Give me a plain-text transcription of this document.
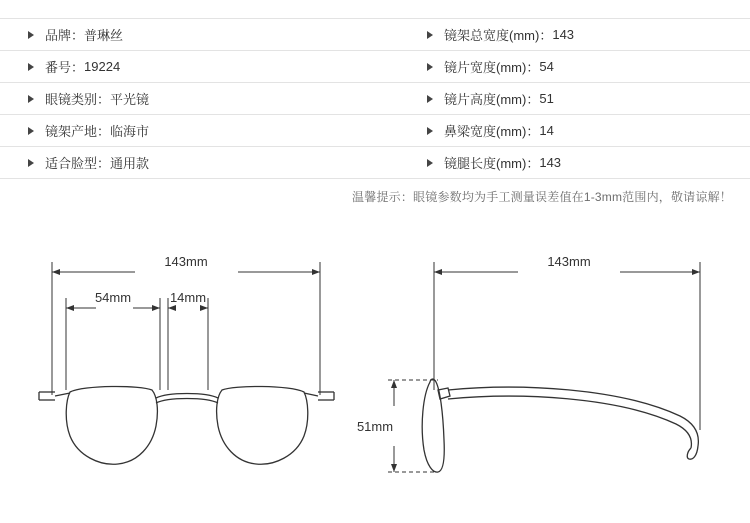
品牌 ： 普琳丝	镜架总宽度(mm) ： 143
番号 ： 19224	镜片宽度(mm) ： 54
眼镜类别 ： 平光镜	镜片高度(mm) ： 51
镜架产地 ： 临海市	鼻梁宽度(mm) ： 14
适合脸型 ： 通用款	镜腿长度(mm) ： 143
温馨提示：眼镜参数均为手工测量误差值在1-3mm范围内，敬请谅解！
143mm
54mm	14mm
143mm
51mm
